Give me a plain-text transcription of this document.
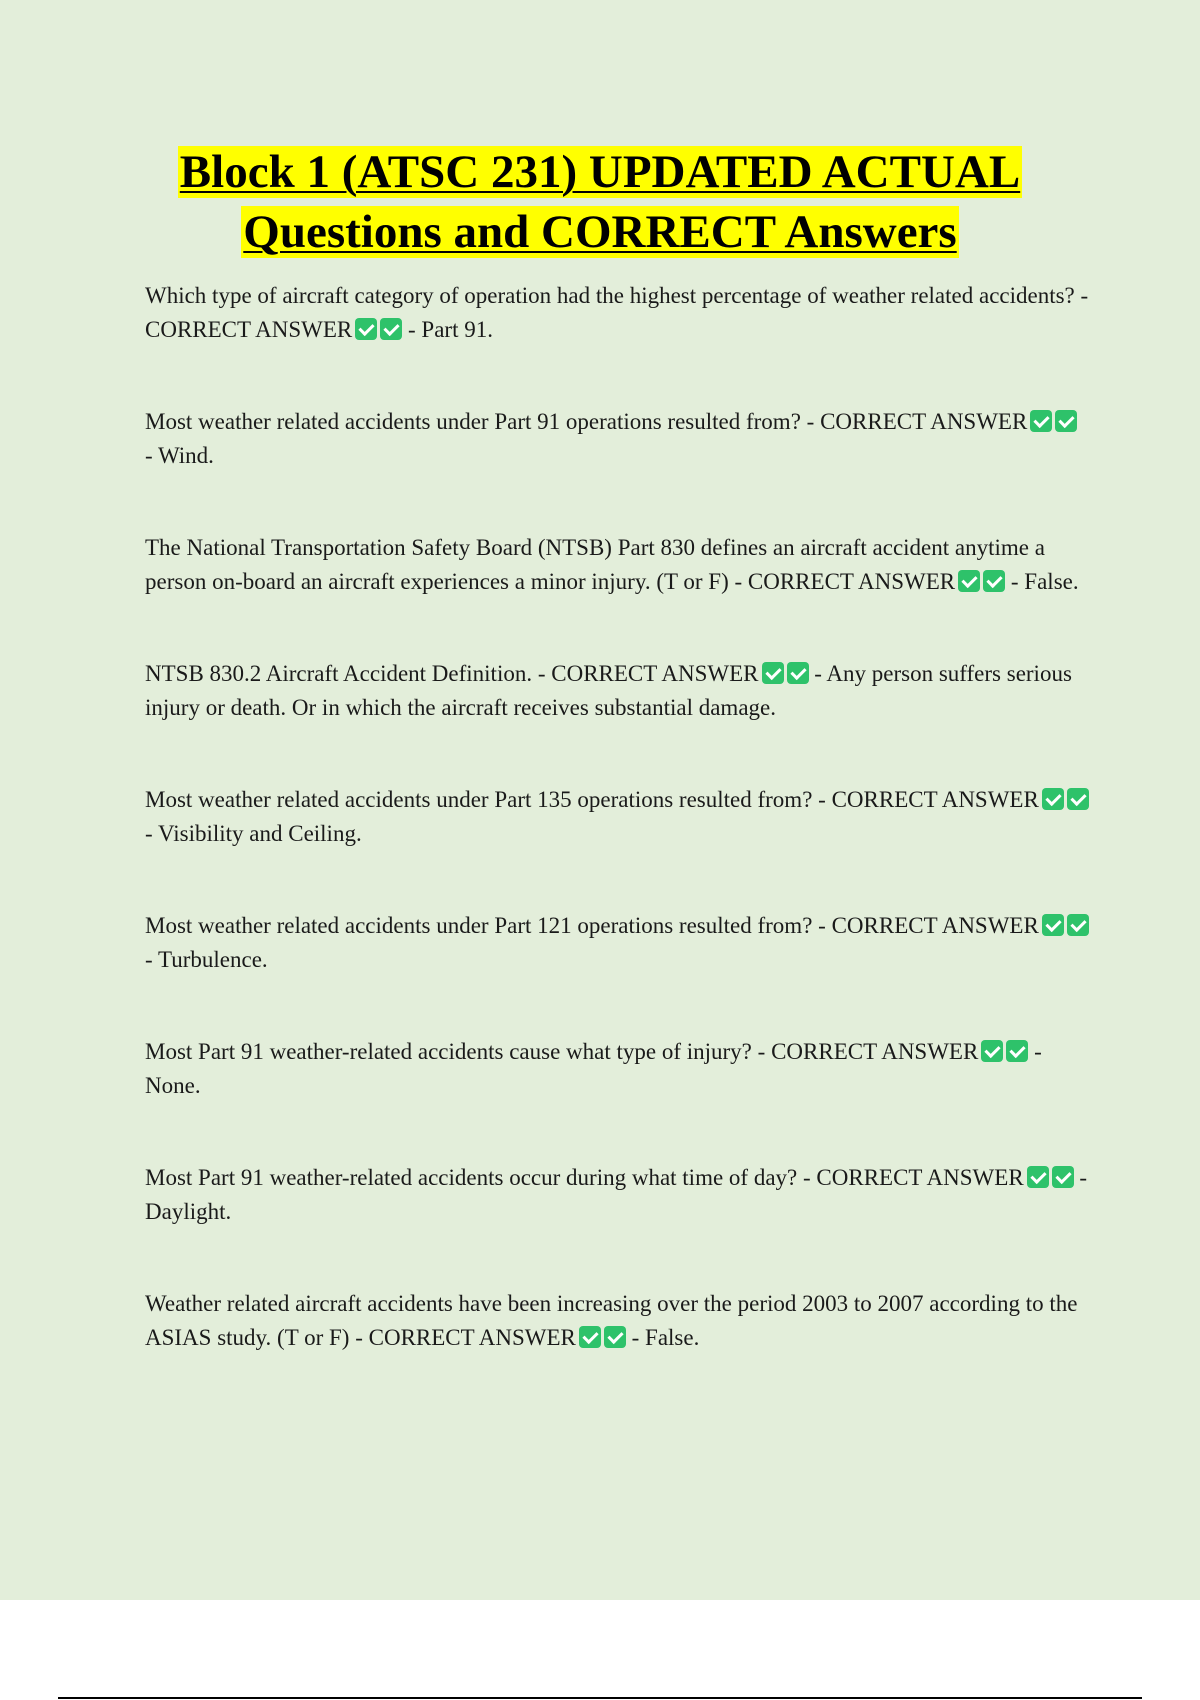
Block 1 (ATSC 231) UPDATED ACTUAL
Questions and CORRECT Answers
Which type of aircraft category of operation had the highest percentage of weather related accidents? - CORRECT ANSWER - Part 91.
Most weather related accidents under Part 91 operations resulted from? - CORRECT ANSWER - Wind.
The National Transportation Safety Board (NTSB) Part 830 defines an aircraft accident anytime a person on-board an aircraft experiences a minor injury. (T or F) - CORRECT ANSWER - False.
NTSB 830.2 Aircraft Accident Definition. - CORRECT ANSWER - Any person suffers serious injury or death. Or in which the aircraft receives substantial damage.
Most weather related accidents under Part 135 operations resulted from? - CORRECT ANSWER - Visibility and Ceiling.
Most weather related accidents under Part 121 operations resulted from? - CORRECT ANSWER - Turbulence.
Most Part 91 weather-related accidents cause what type of injury? - CORRECT ANSWER - None.
Most Part 91 weather-related accidents occur during what time of day? - CORRECT ANSWER - Daylight.
Weather related aircraft accidents have been increasing over the period 2003 to 2007 according to the ASIAS study. (T or F) - CORRECT ANSWER - False.
